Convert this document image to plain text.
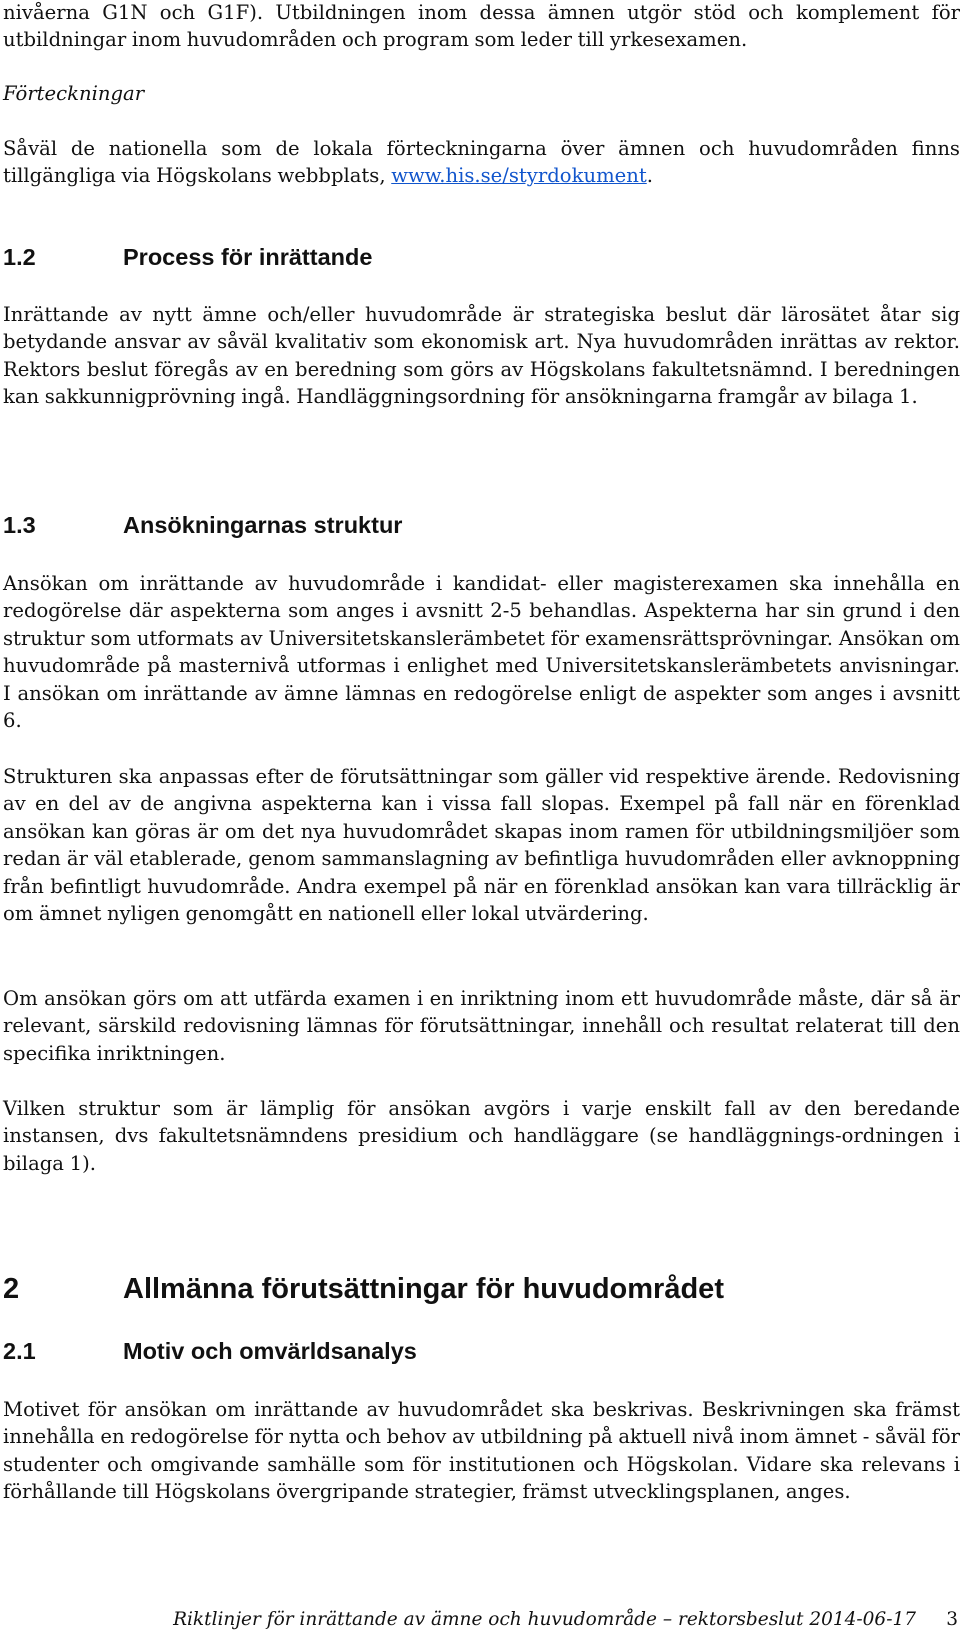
nivåerna G1N och G1F). Utbildningen inom dessa ämnen utgör stöd och komplement för utbildningar inom huvudområden och program som leder till yrkesexamen.

Förteckningar

Såväl de nationella som de lokala förteckningarna över ämnen och huvudområden finns tillgängliga via Högskolans webbplats, www.his.se/styrdokument.

1.2	Process för inrättande

Inrättande av nytt ämne och/eller huvudområde är strategiska beslut där lärosätet åtar sig betydande ansvar av såväl kvalitativ som ekonomisk art. Nya huvudområden inrättas av rektor. Rektors beslut föregås av en beredning som görs av Högskolans fakultetsnämnd. I beredningen kan sakkunnigprövning ingå. Handläggningsordning för ansökningarna framgår av bilaga 1.

1.3	Ansökningarnas struktur

Ansökan om inrättande av huvudområde i kandidat- eller magisterexamen ska innehålla en redogörelse där aspekterna som anges i avsnitt 2-5 behandlas. Aspekterna har sin grund i den struktur som utformats av Universitetskanslerämbetet för examensrättsprövningar. Ansökan om huvudområde på masternivå utformas i enlighet med Universitetskanslerämbetets anvisningar. I ansökan om inrättande av ämne lämnas en redogörelse enligt de aspekter som anges i avsnitt 6.

Strukturen ska anpassas efter de förutsättningar som gäller vid respektive ärende. Redovisning av en del av de angivna aspekterna kan i vissa fall slopas. Exempel på fall när en förenklad ansökan kan göras är om det nya huvudområdet skapas inom ramen för utbildningsmiljöer som redan är väl etablerade, genom sammanslagning av befintliga huvudområden eller avknoppning från befintligt huvudområde. Andra exempel på när en förenklad ansökan kan vara tillräcklig är om ämnet nyligen genomgått en nationell eller lokal utvärdering.

Om ansökan görs om att utfärda examen i en inriktning inom ett huvudområde måste, där så är relevant, särskild redovisning lämnas för förutsättningar, innehåll och resultat relaterat till den specifika inriktningen.

Vilken struktur som är lämplig för ansökan avgörs i varje enskilt fall av den beredande instansen, dvs fakultetsnämndens presidium och handläggare (se handläggnings-ordningen i bilaga 1).

2	Allmänna förutsättningar för huvudområdet
2.1	Motiv och omvärldsanalys

Motivet för ansökan om inrättande av huvudområdet ska beskrivas. Beskrivningen ska främst innehålla en redogörelse för nytta och behov av utbildning på aktuell nivå inom ämnet - såväl för studenter och omgivande samhälle som för institutionen och Högskolan. Vidare ska relevans i förhållande till Högskolans övergripande strategier, främst utvecklingsplanen, anges.

Riktlinjer för inrättande av ämne och huvudområde – rektorsbeslut 2014-06-17 3
